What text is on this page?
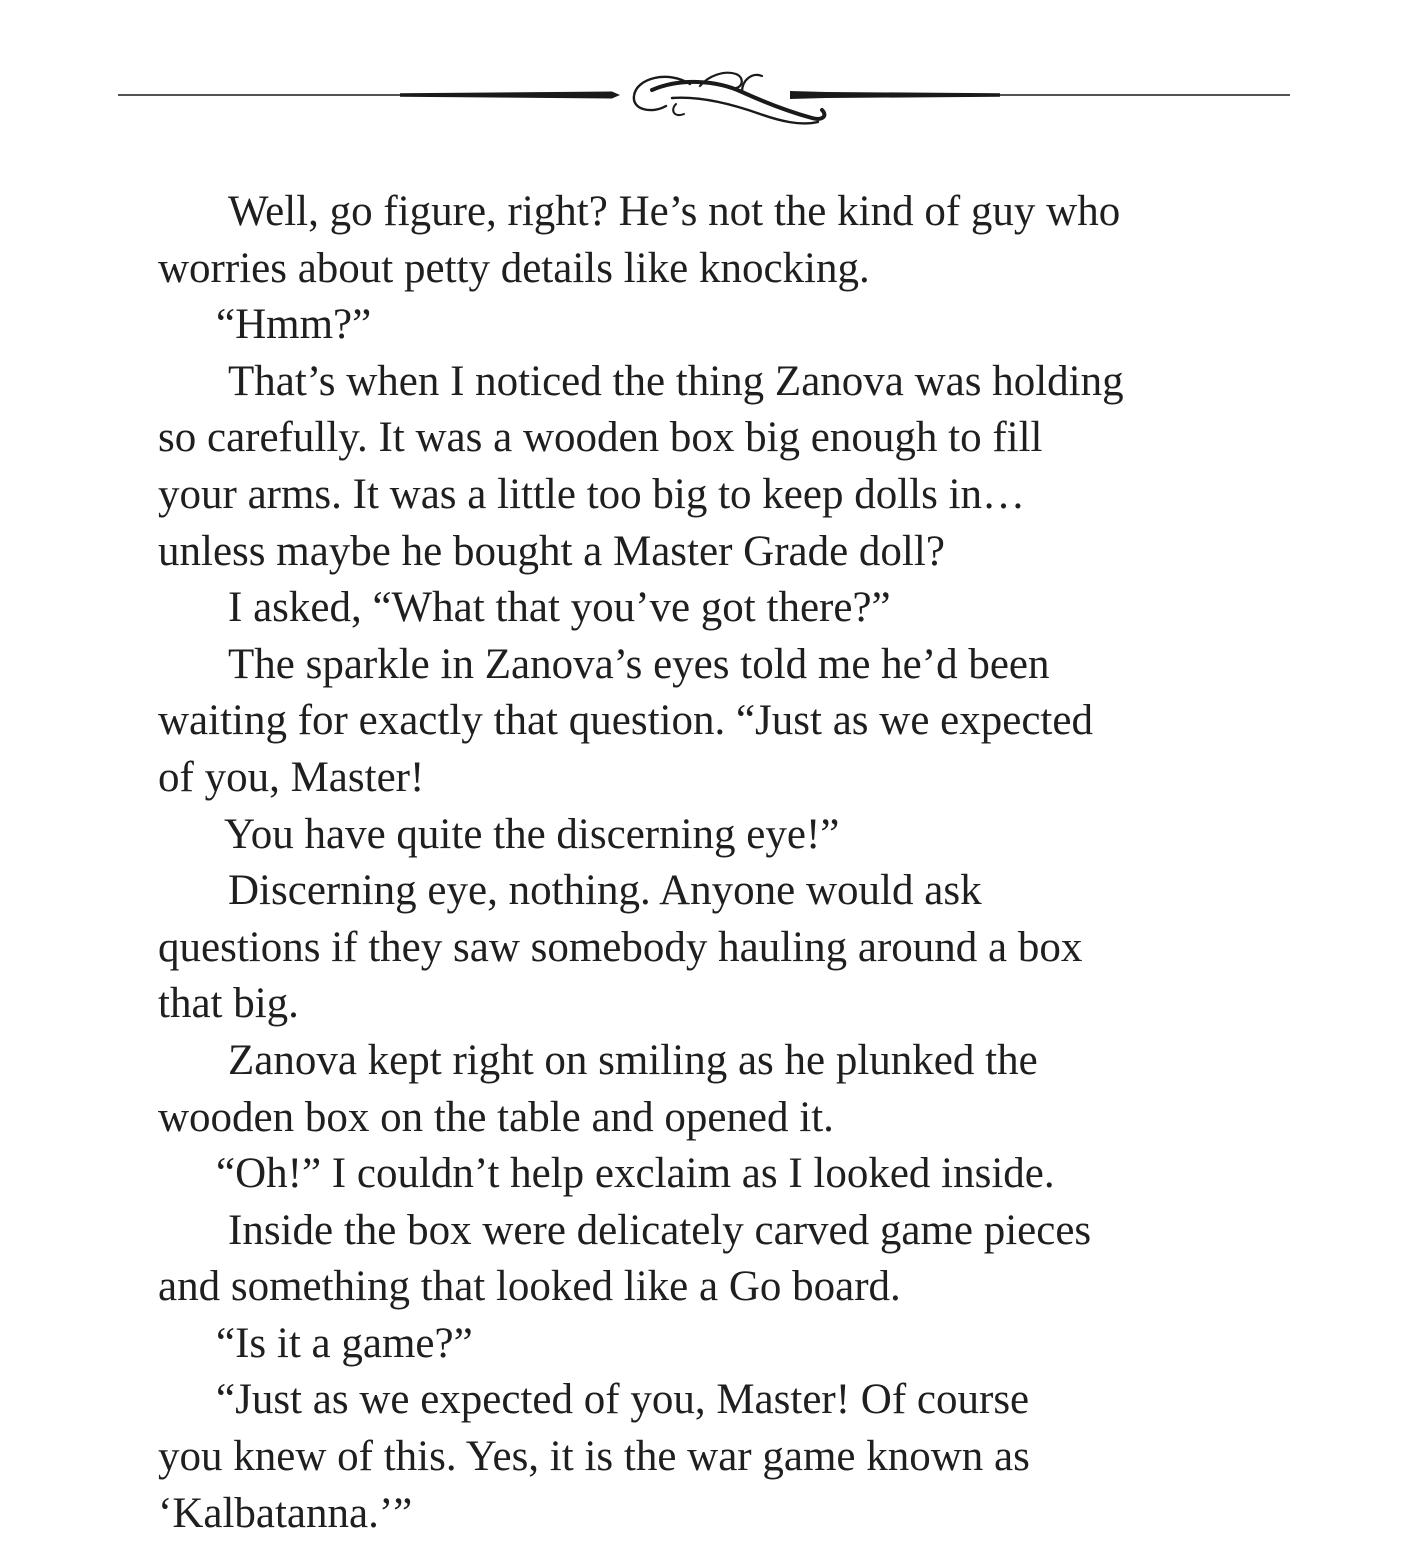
Well, go figure, right? He’s not the kind of guy who
worries about petty details like knocking.
“Hmm?”
That’s when I noticed the thing Zanova was holding
so carefully. It was a wooden box big enough to fill
your arms. It was a little too big to keep dolls in…
unless maybe he bought a Master Grade doll?
I asked, “What that you’ve got there?”
The sparkle in Zanova’s eyes told me he’d been
waiting for exactly that question. “Just as we expected
of you, Master!
You have quite the discerning eye!”
Discerning eye, nothing. Anyone would ask
questions if they saw somebody hauling around a box
that big.
Zanova kept right on smiling as he plunked the
wooden box on the table and opened it.
“Oh!” I couldn’t help exclaim as I looked inside.
Inside the box were delicately carved game pieces
and something that looked like a Go board.
“Is it a game?”
“Just as we expected of you, Master! Of course
you knew of this. Yes, it is the war game known as
‘Kalbatanna.’”
